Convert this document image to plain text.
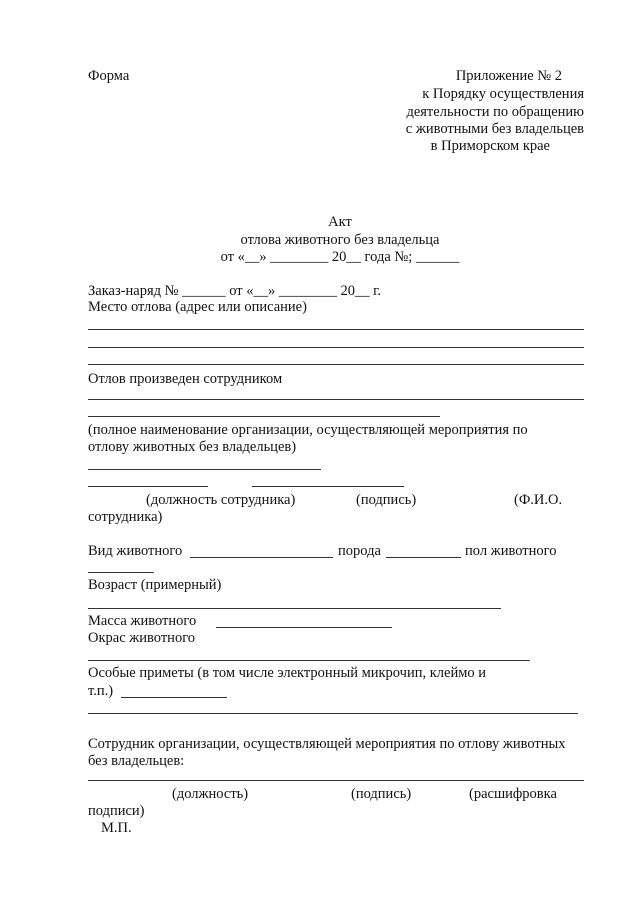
Форма	Приложение № 2
к Порядку осуществления
деятельности по обращению
с животными без владельцев
в Приморском крае
Акт
отлова животного без владельца
от «__» ________ 20__ года №; ______
Заказ-наряд № ______ от «__» ________ 20__ г.
Место отлова (адрес или описание)
Отлов произведен сотрудником
(полное наименование организации, осуществляющей мероприятия по
отлову животных без владельцев)
(должность сотрудника)	(подпись)	(Ф.И.О.
сотрудника)
Вид животного	порода	пол животного
Возраст (примерный)
Масса животного
Окрас животного
Особые приметы (в том числе электронный микрочип, клеймо и
т.п.)
Сотрудник организации, осуществляющей мероприятия по отлову животных
без владельцев:
(должность)	(подпись)	(расшифровка
подписи)
М.П.
